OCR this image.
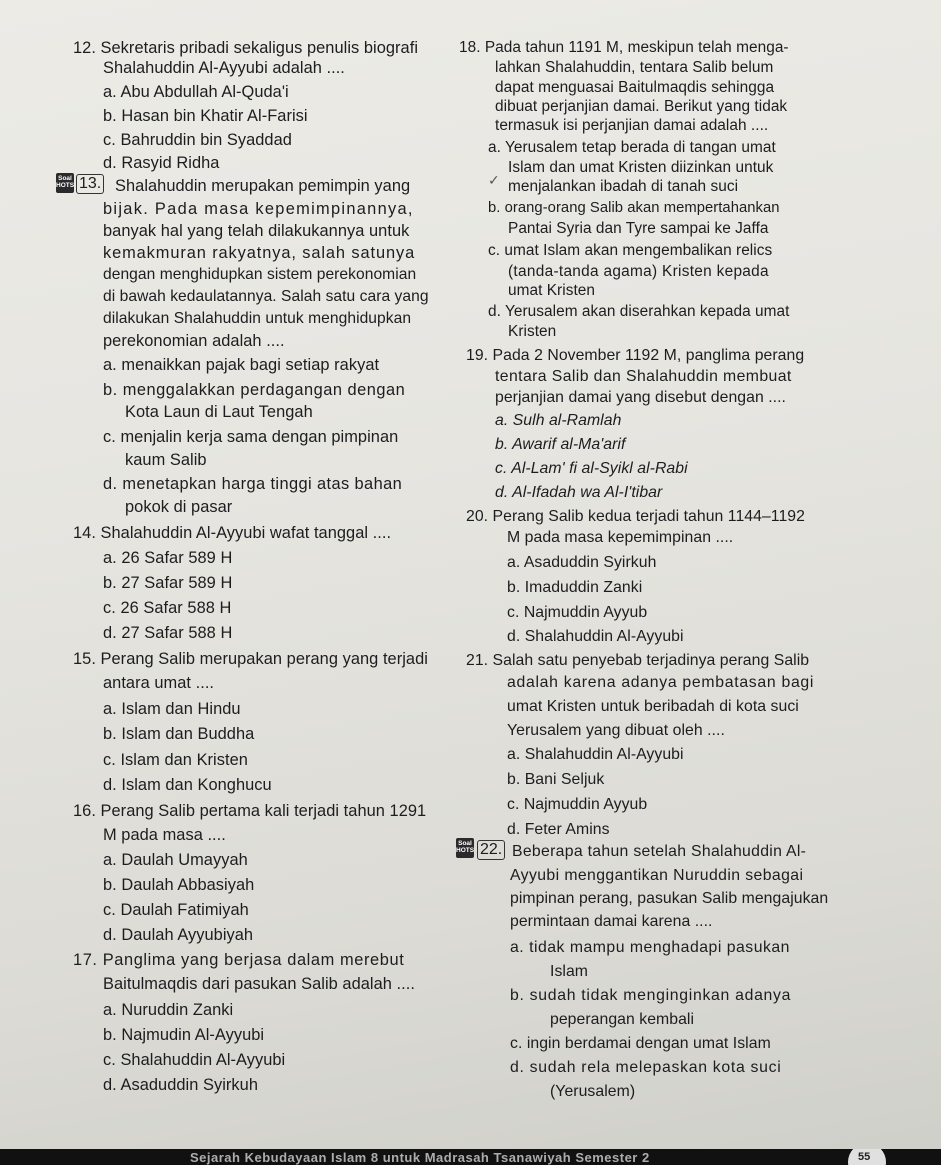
12. Sekretaris pribadi sekaligus penulis biografi
Shalahuddin Al-Ayyubi adalah ....
a. Abu Abdullah Al-Quda'i
b. Hasan bin Khatir Al-Farisi
c. Bahruddin bin Syaddad
d. Rasyid Ridha
Soal HOTS 13. Shalahuddin merupakan pemimpin yang
bijak. Pada masa kepemimpinannya,
banyak hal yang telah dilakukannya untuk
kemakmuran rakyatnya, salah satunya
dengan menghidupkan sistem perekonomian
di bawah kedaulatannya. Salah satu cara yang
dilakukan Shalahuddin untuk menghidupkan
perekonomian adalah ....
a. menaikkan pajak bagi setiap rakyat
b. menggalakkan perdagangan dengan
Kota Laun di Laut Tengah
c. menjalin kerja sama dengan pimpinan
kaum Salib
d. menetapkan harga tinggi atas bahan
pokok di pasar
14. Shalahuddin Al-Ayyubi wafat tanggal ....
a. 26 Safar 589 H
b. 27 Safar 589 H
c. 26 Safar 588 H
d. 27 Safar 588 H
15. Perang Salib merupakan perang yang terjadi
antara umat ....
a. Islam dan Hindu
b. Islam dan Buddha
c. Islam dan Kristen
d. Islam dan Konghucu
16. Perang Salib pertama kali terjadi tahun 1291
M pada masa ....
a. Daulah Umayyah
b. Daulah Abbasiyah
c. Daulah Fatimiyah
d. Daulah Ayyubiyah
17. Panglima yang berjasa dalam merebut
Baitulmaqdis dari pasukan Salib adalah ....
a. Nuruddin Zanki
b. Najmudin Al-Ayyubi
c. Shalahuddin Al-Ayyubi
d. Asaduddin Syirkuh
18. Pada tahun 1191 M, meskipun telah menga-
lahkan Shalahuddin, tentara Salib belum
dapat menguasai Baitulmaqdis sehingga
dibuat perjanjian damai. Berikut yang tidak
termasuk isi perjanjian damai adalah ....
a. Yerusalem tetap berada di tangan umat
Islam dan umat Kristen diizinkan untuk
menjalankan ibadah di tanah suci
✓
b. orang-orang Salib akan mempertahankan
Pantai Syria dan Tyre sampai ke Jaffa
c. umat Islam akan mengembalikan relics
(tanda-tanda agama) Kristen kepada
umat Kristen
d. Yerusalem akan diserahkan kepada umat
Kristen
19. Pada 2 November 1192 M, panglima perang
tentara Salib dan Shalahuddin membuat
perjanjian damai yang disebut dengan ....
a. Sulh al-Ramlah
b. Awarif al-Ma'arif
c. Al-Lam' fi al-Syikl al-Rabi
d. Al-Ifadah wa Al-I'tibar
20. Perang Salib kedua terjadi tahun 1144–1192
M pada masa kepemimpinan ....
a. Asaduddin Syirkuh
b. Imaduddin Zanki
c. Najmuddin Ayyub
d. Shalahuddin Al-Ayyubi
21. Salah satu penyebab terjadinya perang Salib
adalah karena adanya pembatasan bagi
umat Kristen untuk beribadah di kota suci
Yerusalem yang dibuat oleh ....
a. Shalahuddin Al-Ayyubi
b. Bani Seljuk
c. Najmuddin Ayyub
d. Feter Amins
Soal HOTS 22. Beberapa tahun setelah Shalahuddin Al-
Ayyubi menggantikan Nuruddin sebagai
pimpinan perang, pasukan Salib mengajukan
permintaan damai karena ....
a. tidak mampu menghadapi pasukan
Islam
b. sudah tidak menginginkan adanya
peperangan kembali
c. ingin berdamai dengan umat Islam
d. sudah rela melepaskan kota suci
(Yerusalem)
Sejarah Kebudayaan Islam 8 untuk Madrasah Tsanawiyah Semester 2	55
